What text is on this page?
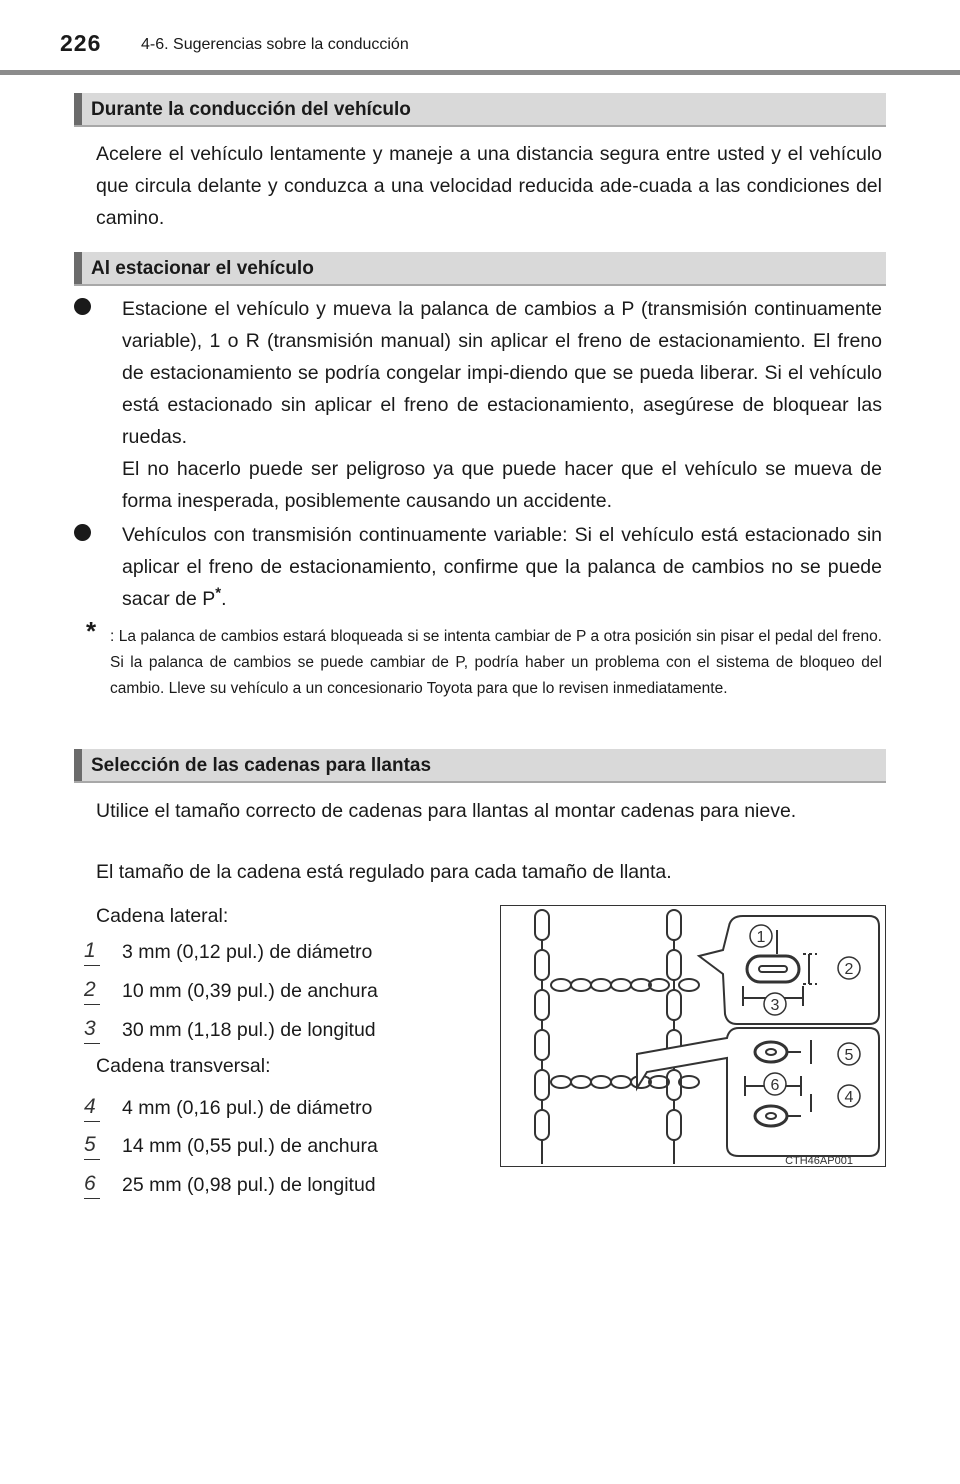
226 4-6. Sugerencias sobre la conducción
Durante la conducción del vehículo
Acelere el vehículo lentamente y maneje a una distancia segura entre usted y el vehículo que circula delante y conduzca a una velocidad reducida ade-cuada a las condiciones del camino.
Al estacionar el vehículo
Estacione el vehículo y mueva la palanca de cambios a P (transmisión continuamente variable), 1 o R (transmisión manual) sin aplicar el freno de estacionamiento. El freno de estacionamiento se podría congelar impi-diendo que se pueda liberar. Si el vehículo está estacionado sin aplicar el freno de estacionamiento, asegúrese de bloquear las ruedas.
El no hacerlo puede ser peligroso ya que puede hacer que el vehículo se mueva de forma inesperada, posiblemente causando un accidente.
Vehículos con transmisión continuamente variable: Si el vehículo está estacionado sin aplicar el freno de estacionamiento, confirme que la palanca de cambios no se puede sacar de P*.
* : La palanca de cambios estará bloqueada si se intenta cambiar de P a otra posición sin pisar el pedal del freno. Si la palanca de cambios se puede cambiar de P, podría haber un problema con el sistema de bloqueo del cambio. Lleve su vehículo a un concesionario Toyota para que lo revisen inmediatamente.
Selección de las cadenas para llantas
Utilice el tamaño correcto de cadenas para llantas al montar cadenas para nieve.
El tamaño de la cadena está regulado para cada tamaño de llanta.
Cadena lateral:
1 3 mm (0,12 pul.) de diámetro
2 10 mm (0,39 pul.) de anchura
3 30 mm (1,18 pul.) de longitud
Cadena transversal:
4 4 mm (0,16 pul.) de diámetro
5 14 mm (0,55 pul.) de anchura
6 25 mm (0,98 pul.) de longitud
1
2
3
5
6
4
CTH46AP001
